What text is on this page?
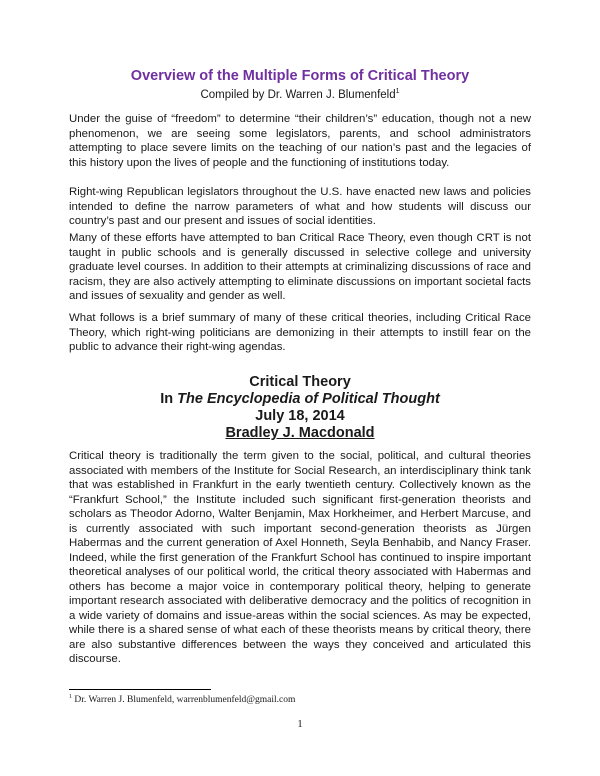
Overview of the Multiple Forms of Critical Theory
Compiled by Dr. Warren J. Blumenfeld$^1$

Under the guise of “freedom” to determine “their children’s” education, though not a new phenomenon, we are seeing some legislators, parents, and school administrators attempting to place severe limits on the teaching of our nation’s past and the legacies of this history upon the lives of people and the functioning of institutions today.

Right-wing Republican legislators throughout the U.S. have enacted new laws and policies intended to define the narrow parameters of what and how students will discuss our country’s past and our present and issues of social identities.

Many of these efforts have attempted to ban Critical Race Theory, even though CRT is not taught in public schools and is generally discussed in selective college and university graduate level courses. In addition to their attempts at criminalizing discussions of race and racism, they are also actively attempting to eliminate discussions on important societal facts and issues of sexuality and gender as well.

What follows is a brief summary of many of these critical theories, including Critical Race Theory, which right-wing politicians are demonizing in their attempts to instill fear on the public to advance their right-wing agendas.

Critical Theory
In The Encyclopedia of Political Thought
July 18, 2014
Bradley J. Macdonald

Critical theory is traditionally the term given to the social, political, and cultural theories associated with members of the Institute for Social Research, an interdisciplinary think tank that was established in Frankfurt in the early twentieth century. Collectively known as the “Frankfurt School,” the Institute included such significant first-generation theorists and scholars as Theodor Adorno, Walter Benjamin, Max Horkheimer, and Herbert Marcuse, and is currently associated with such important second-generation theorists as Jürgen Habermas and the current generation of Axel Honneth, Seyla Benhabib, and Nancy Fraser. Indeed, while the first generation of the Frankfurt School has continued to inspire important theoretical analyses of our political world, the critical theory associated with Habermas and others has become a major voice in contemporary political theory, helping to generate important research associated with deliberative democracy and the politics of recognition in a wide variety of domains and issue-areas within the social sciences. As may be expected, while there is a shared sense of what each of these theorists means by critical theory, there are also substantive differences between the ways they conceived and articulated this discourse.

$^1$ Dr. Warren J. Blumenfeld, warrenblumenfeld@gmail.com
1
